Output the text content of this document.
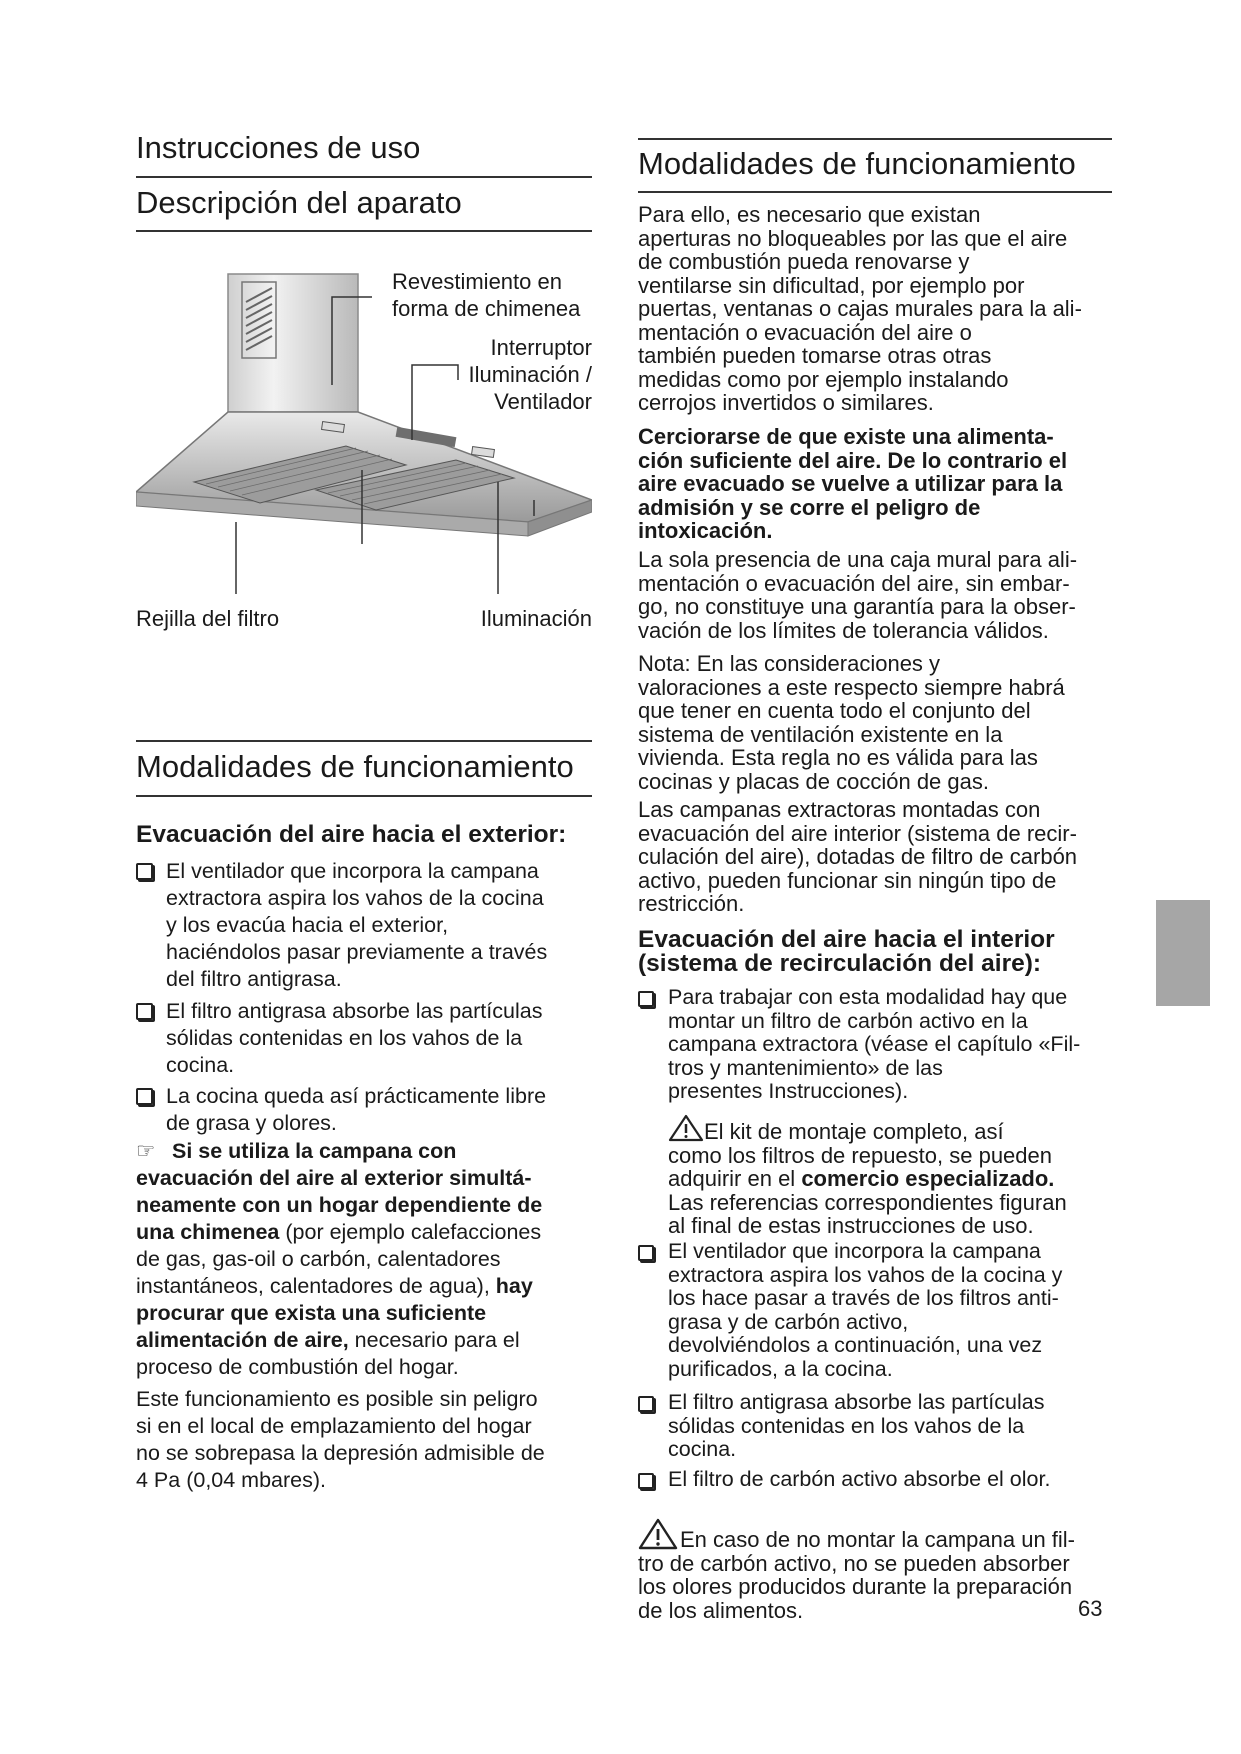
Instrucciones de uso
Descripción del aparato
Revestimiento en
forma de chimenea
Interruptor
Iluminación /
Ventilador
Rejilla del filtro	Iluminación
Modalidades de funcionamiento
Evacuación del aire hacia el exterior:
El ventilador que incorpora la campana
extractora aspira los vahos de la cocina
y los evacúa hacia el exterior,
haciéndolos pasar previamente a través
del filtro antigrasa.
El filtro antigrasa absorbe las partículas
sólidas contenidas en los vahos de la
cocina.
La cocina queda así prácticamente libre
de grasa y olores.
☞ Si se utiliza la campana con
evacuación del aire al exterior simultá-
neamente con un hogar dependiente de
una chimenea (por ejemplo calefacciones
de gas, gas-oil o carbón, calentadores
instantáneos, calentadores de agua), hay
procurar que exista una suficiente
alimentación de aire, necesario para el
proceso de combustión del hogar.
Este funcionamiento es posible sin peligro
si en el local de emplazamiento del hogar
no se sobrepasa la depresión admisible de
4 Pa (0,04 mbares).
Modalidades de funcionamiento
Para ello, es necesario que existan
aperturas no bloqueables por las que el aire
de combustión pueda renovarse y
ventilarse sin dificultad, por ejemplo por
puertas, ventanas o cajas murales para la ali-
mentación o evacuación del aire o
también pueden tomarse otras otras
medidas como por ejemplo instalando
cerrojos invertidos o similares.
Cerciorarse de que existe una alimenta-
ción suficiente del aire. De lo contrario el
aire evacuado se vuelve a utilizar para la
admisión y se corre el peligro de
intoxicación.
La sola presencia de una caja mural para ali-
mentación o evacuación del aire, sin embar-
go, no constituye una garantía para la obser-
vación de los límites de tolerancia válidos.
Nota: En las consideraciones y
valoraciones a este respecto siempre habrá
que tener en cuenta todo el conjunto del
sistema de ventilación existente en la
vivienda. Esta regla no es válida para las
cocinas y placas de cocción de gas.
Las campanas extractoras montadas con
evacuación del aire interior (sistema de recir-
culación del aire), dotadas de filtro de carbón
activo, pueden funcionar sin ningún tipo de
restricción.
Evacuación del aire hacia el interior
(sistema de recirculación del aire):
Para trabajar con esta modalidad hay que
montar un filtro de carbón activo en la
campana extractora (véase el capítulo «Fil-
tros y mantenimiento» de las
presentes Instrucciones).
El kit de montaje completo, así
como los filtros de repuesto, se pueden
adquirir en el comercio especializado.
Las referencias correspondientes figuran
al final de estas instrucciones de uso.
El ventilador que incorpora la campana
extractora aspira los vahos de la cocina y
los hace pasar a través de los filtros anti-
grasa y de carbón activo,
devolviéndolos a continuación, una vez
purificados, a la cocina.
El filtro antigrasa absorbe las partículas
sólidas contenidas en los vahos de la
cocina.
El filtro de carbón activo absorbe el olor.
En caso de no montar la campana un fil-
tro de carbón activo, no se pueden absorber
los olores producidos durante la preparación
de los alimentos.	63
